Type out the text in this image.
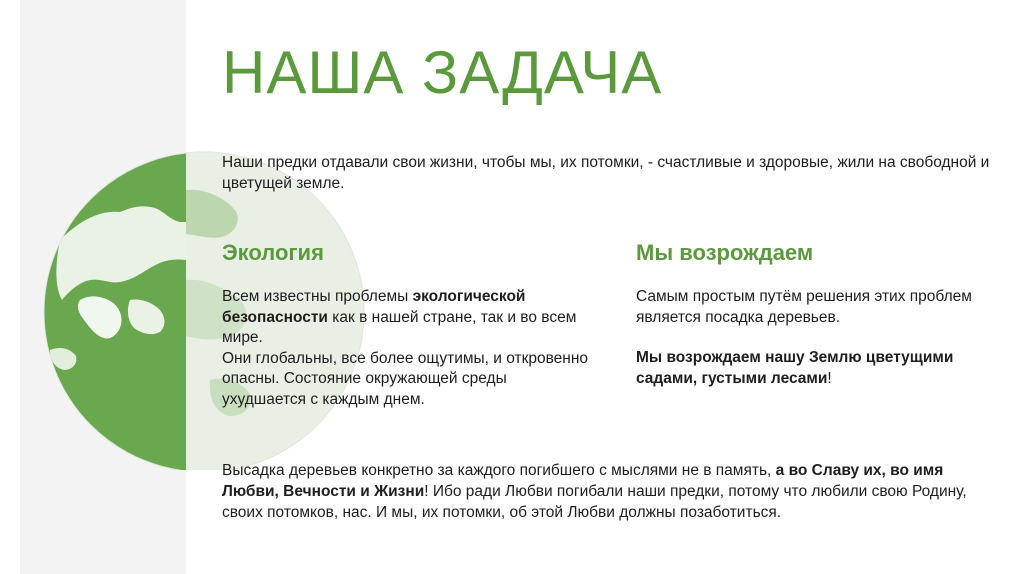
НАША ЗАДАЧА
Наши предки отдавали свои жизни, чтобы мы, их потомки, - счастливые и здоровые, жили на свободной и цветущей земле.
Экология	Мы возрождаем
Всем известны проблемы экологической безопасности как в нашей стране, так и во всем мире.
Они глобальны, все более ощутимы, и откровенно опасны. Состояние окружающей среды ухудшается с каждым днем.
Самым простым путём решения этих проблем является посадка деревьев.
Мы возрождаем нашу Землю цветущими садами, густыми лесами!
Высадка деревьев конкретно за каждого погибшего с мыслями не в память, а во Славу их, во имя Любви, Вечности и Жизни! Ибо ради Любви погибали наши предки, потому что любили свою Родину, своих потомков, нас. И мы, их потомки, об этой Любви должны позаботиться.
